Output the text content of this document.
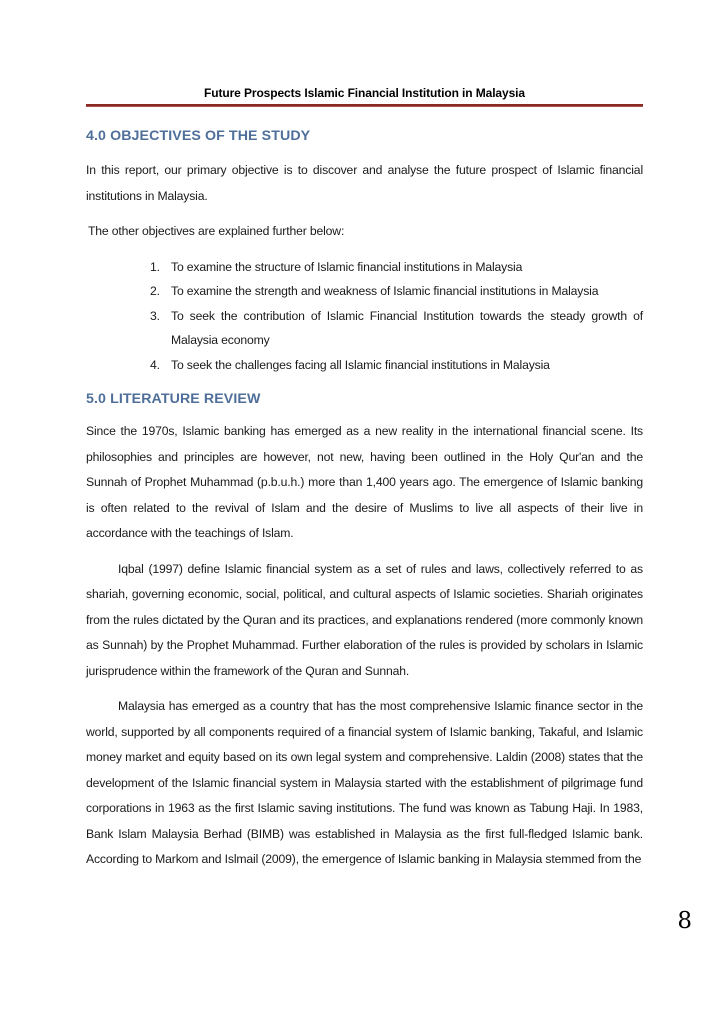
Future Prospects Islamic Financial Institution in Malaysia
4.0 OBJECTIVES OF THE STUDY

In this report, our primary objective is to discover and analyse the future prospect of Islamic financial institutions in Malaysia.

The other objectives are explained further below:

1. To examine the structure of Islamic financial institutions in Malaysia
2. To examine the strength and weakness of Islamic financial institutions in Malaysia
3. To seek the contribution of Islamic Financial Institution towards the steady growth of Malaysia economy
4. To seek the challenges facing all Islamic financial institutions in Malaysia
5.0 LITERATURE REVIEW

Since the 1970s, Islamic banking has emerged as a new reality in the international financial scene. Its philosophies and principles are however, not new, having been outlined in the Holy Qur'an and the Sunnah of Prophet Muhammad (p.b.u.h.) more than 1,400 years ago. The emergence of Islamic banking is often related to the revival of Islam and the desire of Muslims to live all aspects of their live in accordance with the teachings of Islam.

Iqbal (1997) define Islamic financial system as a set of rules and laws, collectively referred to as shariah, governing economic, social, political, and cultural aspects of Islamic societies. Shariah originates from the rules dictated by the Quran and its practices, and explanations rendered (more commonly known as Sunnah) by the Prophet Muhammad. Further elaboration of the rules is provided by scholars in Islamic jurisprudence within the framework of the Quran and Sunnah.

Malaysia has emerged as a country that has the most comprehensive Islamic finance sector in the world, supported by all components required of a financial system of Islamic banking, Takaful, and Islamic money market and equity based on its own legal system and comprehensive. Laldin (2008) states that the development of the Islamic financial system in Malaysia started with the establishment of pilgrimage fund corporations in 1963 as the first Islamic saving institutions. The fund was known as Tabung Haji. In 1983, Bank Islam Malaysia Berhad (BIMB) was established in Malaysia as the first full-fledged Islamic bank. According to Markom and Islmail (2009), the emergence of Islamic banking in Malaysia stemmed from the

8
